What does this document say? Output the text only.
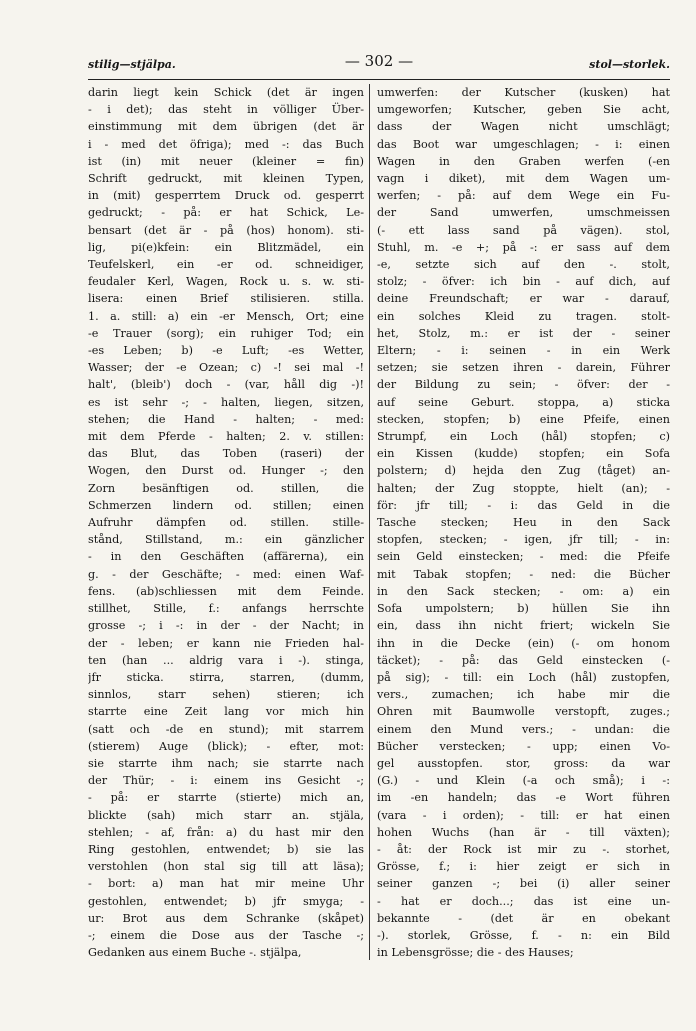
stilig—stjälpa.	— 302 —	stol—storlek.
darin liegt kein Schick (det är ingen
- i det); das steht in völliger Über-
einstimmung mit dem übrigen (det är
i - med det öfriga); med -: das Buch
ist (in) mit neuer (kleiner = fin)
Schrift gedruckt, mit kleinen Typen,
in (mit) gesperrtem Druck od. gesperrt
gedruckt; - på: er hat Schick, Le-
bensart (det är - på (hos) honom). sti-
lig, pi(e)kfein: ein Blitzmädel, ein
Teufelskerl, ein -er od. schneidiger,
feudaler Kerl, Wagen, Rock u. s. w. sti-
lisera: einen Brief stilisieren. stilla.
1. a. still: a) ein -er Mensch, Ort; eine
-e Trauer (sorg); ein ruhiger Tod; ein
-es Leben; b) -e Luft; -es Wetter,
Wasser; der -e Ozean; c) -! sei mal -!
halt', (bleib') doch - (var, håll dig -)!
es ist sehr -; - halten, liegen, sitzen,
stehen; die Hand - halten; - med:
mit dem Pferde - halten; 2. v. stillen:
das Blut, das Toben (raseri) der
Wogen, den Durst od. Hunger -; den
Zorn besänftigen od. stillen, die
Schmerzen lindern od. stillen; einen
Aufruhr dämpfen od. stillen. stille-
stånd, Stillstand, m.: ein gänzlicher
- in den Geschäften (affärerna), ein
g. - der Geschäfte; - med: einen Waf-
fens. (ab)schliessen mit dem Feinde.
stillhet, Stille, f.: anfangs herrschte
grosse -; i -: in der - der Nacht; in
der - leben; er kann nie Frieden hal-
ten (han ... aldrig vara i -). stinga,
jfr sticka. stirra, starren, (dumm,
sinnlos, starr sehen) stieren; ich
starrte eine Zeit lang vor mich hin
(satt och -de en stund); mit starrem
(stierem) Auge (blick); - efter, mot:
sie starrte ihm nach; sie starrte nach
der Thür; - i: einem ins Gesicht -;
- på: er starrte (stierte) mich an,
blickte (sah) mich starr an. stjäla,
stehlen; - af, från: a) du hast mir den
Ring gestohlen, entwendet; b) sie las
verstohlen (hon stal sig till att läsa);
- bort: a) man hat mir meine Uhr
gestohlen, entwendet; b) jfr smyga; -
ur: Brot aus dem Schranke (skåpet)
-; einem die Dose aus der Tasche -;
Gedanken aus einem Buche -. stjälpa,
umwerfen: der Kutscher (kusken) hat
umgeworfen; Kutscher, geben Sie acht,
dass der Wagen nicht umschlägt;
das Boot war umgeschlagen; - i: einen
Wagen in den Graben werfen (-en
vagn i diket), mit dem Wagen um-
werfen; - på: auf dem Wege ein Fu-
der Sand umwerfen, umschmeissen
(- ett lass sand på vägen). stol,
Stuhl, m. -e +; på -: er sass auf dem
-e, setzte sich auf den -. stolt,
stolz; - öfver: ich bin - auf dich, auf
deine Freundschaft; er war - darauf,
ein solches Kleid zu tragen. stolt-
het, Stolz, m.: er ist der - seiner
Eltern; - i: seinen - in ein Werk
setzen; sie setzen ihren - darein, Führer
der Bildung zu sein; - öfver: der -
auf seine Geburt. stoppa, a) sticka
stecken, stopfen; b) eine Pfeife, einen
Strumpf, ein Loch (hål) stopfen; c)
ein Kissen (kudde) stopfen; ein Sofa
polstern; d) hejda den Zug (tåget) an-
halten; der Zug stoppte, hielt (an); -
för: jfr till; - i: das Geld in die
Tasche stecken; Heu in den Sack
stopfen, stecken; - igen, jfr till; - in:
sein Geld einstecken; - med: die Pfeife
mit Tabak stopfen; - ned: die Bücher
in den Sack stecken; - om: a) ein
Sofa umpolstern; b) hüllen Sie ihn
ein, dass ihn nicht friert; wickeln Sie
ihn in die Decke (ein) (- om honom
täcket); - på: das Geld einstecken (-
på sig); - till: ein Loch (hål) zustopfen,
vers., zumachen; ich habe mir die
Ohren mit Baumwolle verstopft, zuges.;
einem den Mund vers.; - undan: die
Bücher verstecken; - upp; einen Vo-
gel ausstopfen. stor, gross: da war
(G.) - und Klein (-a och små); i -:
im -en handeln; das -e Wort führen
(vara - i orden); - till: er hat einen
hohen Wuchs (han är - till växten);
- åt: der Rock ist mir zu -. storhet,
Grösse, f.; i: hier zeigt er sich in
seiner ganzen -; bei (i) aller seiner
- hat er doch...; das ist eine un-
bekannte - (det är en obekant
-). storlek, Grösse, f. - n: ein Bild
in Lebensgrösse; die - des Hauses;
